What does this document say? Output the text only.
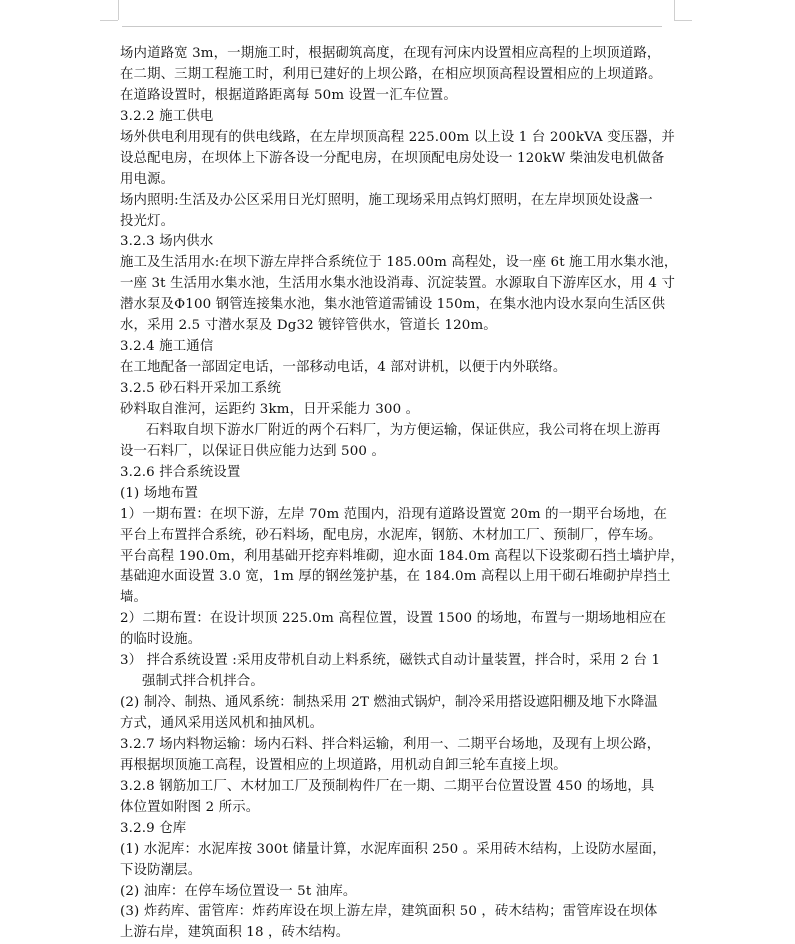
场内道路宽 3m，一期施工时，根据砌筑高度，在现有河床内设置相应高程的上坝顶道路，
在二期、三期工程施工时，利用已建好的上坝公路，在相应坝顶高程设置相应的上坝道路。
在道路设置时，根据道路距离每 50m 设置一汇车位置。
3.2.2 施工供电
场外供电利用现有的供电线路，在左岸坝顶高程 225.00m 以上设 1 台 200kVA 变压器，并
设总配电房，在坝体上下游各设一分配电房，在坝顶配电房处设一 120kW 柴油发电机做备
用电源。
场内照明:生活及办公区采用日光灯照明，施工现场采用点钨灯照明，在左岸坝顶处设盏一
投光灯。
3.2.3 场内供水
施工及生活用水:在坝下游左岸拌合系统位于 185.00m 高程处，设一座 6t 施工用水集水池，
一座 3t 生活用水集水池，生活用水集水池设消毒、沉淀装置。水源取自下游库区水，用 4 寸
潜水泵及Φ100 钢管连接集水池，集水池管道需铺设 150m，在集水池内设水泵向生活区供
水，采用 2.5 寸潜水泵及 Dg32 镀锌管供水，管道长 120m。
3.2.4 施工通信
在工地配备一部固定电话，一部移动电话，4 部对讲机，以便于内外联络。
3.2.5 砂石料开采加工系统
砂料取自淮河，运距约 3km，日开采能力 300 。
石料取自坝下游水厂附近的两个石料厂，为方便运输，保证供应，我公司将在坝上游再
设一石料厂，以保证日供应能力达到 500 。
3.2.6 拌合系统设置
(1) 场地布置
1）一期布置：在坝下游，左岸 70m 范围内，沿现有道路设置宽 20m 的一期平台场地，在
平台上布置拌合系统，砂石料场，配电房，水泥库，钢筋、木材加工厂、预制厂，停车场。
平台高程 190.0m，利用基础开挖弃料堆砌，迎水面 184.0m 高程以下设浆砌石挡土墙护岸，
基础迎水面设置 3.0 宽，1m 厚的钢丝笼护基，在 184.0m 高程以上用干砌石堆砌护岸挡土
墙。
2）二期布置：在设计坝顶 225.0m 高程位置，设置 1500 的场地，布置与一期场地相应在
的临时设施。
3） 拌合系统设置 :采用皮带机自动上料系统，磁铁式自动计量装置，拌合时，采用 2 台 1
强制式拌合机拌合。
(2) 制冷、制热、通风系统：制热采用 2T 燃油式锅炉，制冷采用搭设遮阳棚及地下水降温
方式，通风采用送风机和抽风机。
3.2.7 场内料物运输：场内石料、拌合料运输，利用一、二期平台场地，及现有上坝公路，
再根据坝顶施工高程，设置相应的上坝道路，用机动自卸三轮车直接上坝。
3.2.8 钢筋加工厂、木材加工厂及预制构件厂在一期、二期平台位置设置 450 的场地，具
体位置如附图 2 所示。
3.2.9 仓库
(1) 水泥库：水泥库按 300t 储量计算，水泥库面积 250 。采用砖木结构，上设防水屋面，
下设防潮层。
(2) 油库：在停车场位置设一 5t 油库。
(3) 炸药库、雷管库：炸药库设在坝上游左岸，建筑面积 50 ，砖木结构；雷管库设在坝体
上游右岸，建筑面积 18 ，砖木结构。
